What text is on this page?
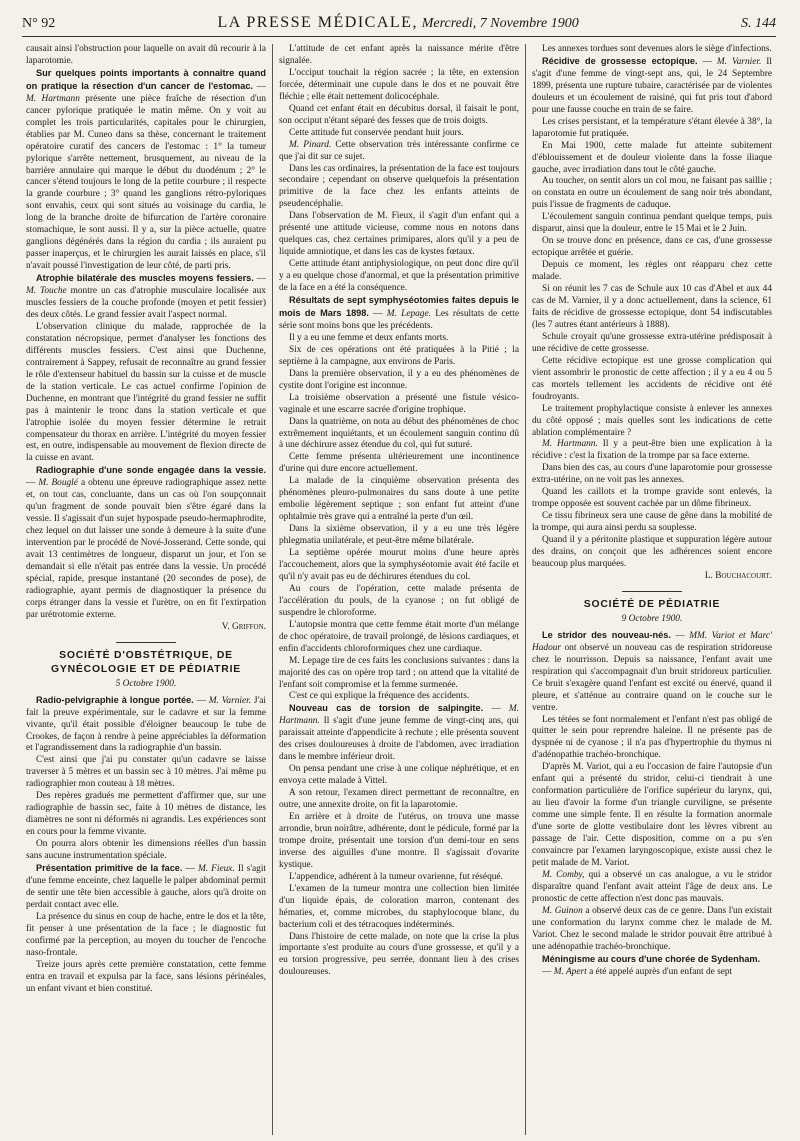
N° 92	LA PRESSE MÉDICALE, Mercredi, 7 Novembre 1900	S. 144

causait ainsi l'obstruction pour laquelle on avait dû recourir à la laparotomie.

Sur quelques points importants à connaître quand on pratique la résection d'un cancer de l'estomac. — M. Hartmann présente une pièce fraîche de résection d'un cancer pylorique pratiquée le matin même. On y voit au complet les trois particularités, capitales pour le chirurgien, établies par M. Cuneo dans sa thèse, concernant le traitement opératoire curatif des cancers de l'estomac : 1° la tumeur pylorique s'arrête nettement, brusquement, au niveau de la barrière annulaire qui marque le début du duodénum ; 2° le cancer s'étend toujours le long de la petite courbure ; il respecte la grande courbure ; 3° quand les ganglions rétro-pyloriques sont envahis, ceux qui sont situés au voisinage du cardia, le long de la branche droite de bifurcation de l'artère coronaire stomachique, le sont aussi. Il y a, sur la pièce actuelle, quatre ganglions dégénérés dans la région du cardia ; ils auraient pu passer inaperçus, et le chirurgien les aurait laissés en place, s'il n'avait poussé l'investigation de leur côté, de parti pris.

Atrophie bilatérale des muscles moyens fessiers. — M. Touche montre un cas d'atrophie musculaire localisée aux muscles fessiers de la couche profonde (moyen et petit fessier) des deux côtés. Le grand fessier avait l'aspect normal.

L'observation clinique du malade, rapprochée de la constatation nécropsique, permet d'analyser les fonctions des différents muscles fessiers. C'est ainsi que Duchenne, contrairement à Sappey, refusait de reconnaître au grand fessier le rôle d'extenseur habituel du bassin sur la cuisse et de muscle de la station verticale. Le cas actuel confirme l'opinion de Duchenne, en montrant que l'intégrité du grand fessier ne suffit pas à maintenir le tronc dans la station verticale et que l'atrophie isolée du moyen fessier détermine le retrait compensateur du thorax en arrière. L'intégrité du moyen fessier est, en outre, indispensable au mouvement de flexion directe de la cuisse en avant.

Radiographie d'une sonde engagée dans la vessie. — M. Bouglé a obtenu une épreuve radiographique assez nette et, on tout cas, concluante, dans un cas où l'on soupçonnait qu'un fragment de sonde pouvait bien s'être égaré dans la vessie. Il s'agissait d'un sujet hypospade pseudo-hermaphrodite, chez lequel on dut laisser une sonde à demeure à la suite d'une intervention par le procédé de Nové-Josserand. Cette sonde, qui avait 13 centimètres de longueur, disparut un jour, et l'on se demandait si elle n'était pas entrée dans la vessie. Un procédé spécial, rapide, presque instantané (20 secondes de pose), de radiographie, ayant permis de diagnostiquer la présence du corps étranger dans la vessie et l'urètre, on en fit l'extirpation par urétrotomie externe.

V. Griffon.

SOCIÉTÉ D'OBSTÉTRIQUE, DE GYNÉCOLOGIE ET DE PÉDIATRIE
5 Octobre 1900.

Radio-pelvigraphie à longue portée. — M. Varnier. J'ai fait la preuve expérimentale, sur le cadavre et sur la femme vivante, qu'il était possible d'éloigner beaucoup le tube de Crookes, de façon à rendre à peine appréciables la déformation et l'agrandissement dans la radiographie d'un bassin.

C'est ainsi que j'ai pu constater qu'un cadavre se laisse traverser à 5 mètres et un bassin sec à 10 mètres. J'ai même pu radiographier mon couteau à 18 mètres.

Des repères gradués me permettent d'affirmer que, sur une radiographie de bassin sec, faite à 10 mètres de distance, les diamètres ne sont ni déformés ni agrandis. Les expériences sont en cours pour la femme vivante.

On pourra alors obtenir les dimensions réelles d'un bassin sans aucune instrumentation spéciale.

Présentation primitive de la face. — M. Fieux. Il s'agit d'une femme enceinte, chez laquelle le palper abdominal permit de sentir une tête bien accessible à gauche, alors qu'à droite on perdait contact avec elle.

La présence du sinus en coup de hache, entre le dos et la tête, fit penser à une présentation de la face ; le diagnostic fut confirmé par la perception, au moyen du toucher de l'encoche naso-frontale.

Treize jours après cette première constatation, cette femme entra en travail et expulsa par la face, sans lésions périnéales, un enfant vivant et bien constitué.

L'attitude de cet enfant après la naissance mérite d'être signalée.

L'occiput touchait la région sacrée ; la tête, en extension forcée, déterminait une cupule dans le dos et ne pouvait être fléchie ; elle était nettement dolicocéphale.

Quand cet enfant était en décubitus dorsal, il faisait le pont, son occiput n'étant séparé des fesses que de trois doigts.

Cette attitude fut conservée pendant huit jours.

M. Pinard. Cette observation très intéressante confirme ce que j'ai dit sur ce sujet.

Dans les cas ordinaires, la présentation de la face est toujours secondaire ; cependant on observe quelquefois la présentation primitive de la face chez les enfants atteints de pseudencéphalie.

Dans l'observation de M. Fieux, il s'agit d'un enfant qui a présenté une attitude vicieuse, comme nous en notons dans quelques cas, chez certaines primipares, alors qu'il y a peu de liquide amniotique, et dans les cas de kystes fœtaux.

Cette attitude étant antiphysiologique, on peut donc dire qu'il y a eu quelque chose d'anormal, et que la présentation primitive de la face en a été la conséquence.

Résultats de sept symphyséotomies faites depuis le mois de Mars 1898. — M. Lepage. Les résultats de cette série sont moins bons que les précédents.

Il y a eu une femme et deux enfants morts.

Six de ces opérations ont été pratiquées à la Pitié ; la septième à la campagne, aux environs de Paris.

Dans la première observation, il y a eu des phénomènes de cystite dont l'origine est inconnue.

La troisième observation a présenté une fistule vésico-vaginale et une escarre sacrée d'origine trophique.

Dans la quatrième, on nota au début des phénomènes de choc extrêmement inquiétants, et un écoulement sanguin continu dû à une déchirure assez étendue du col, qui fut suturé.

Cette femme présenta ultérieurement une incontinence d'urine qui dure encore actuellement.

La malade de la cinquième observation présenta des phénomènes pleuro-pulmonaires du sans doute à une petite embolie légèrement septique ; son enfant fut atteint d'une ophtalmie très grave qui a entraîné la perte d'un œil.

Dans la sixième observation, il y a eu une très légère phlegmatia unilatérale, et peut-être même bilatérale.

La septième opérée mourut moins d'une heure après l'accouchement, alors que la symphyséotomie avait été facile et qu'il n'y avait pas eu de déchirures étendues du col.

Au cours de l'opération, cette malade présenta de l'accélération du pouls, de la cyanose ; on fut obligé de suspendre le chloroforme.

L'autopsie montra que cette femme était morte d'un mélange de choc opératoire, de travail prolongé, de lésions cardiaques, et enfin d'accidents chloroformiques chez une cardiaque.

M. Lepage tire de ces faits les conclusions suivantes : dans la majorité des cas on opère trop tard ; on attend que la vitalité de l'enfant soit compromise et la femme surmenée.

C'est ce qui explique la fréquence des accidents.

Nouveau cas de torsion de salpingite. — M. Hartmann. Il s'agit d'une jeune femme de vingt-cinq ans, qui paraissait atteinte d'appendicite à rechute ; elle présenta souvent des crises douloureuses à droite de l'abdomen, avec irradiation dans le membre inférieur droit.

On pensa pendant une crise à une colique néphrétique, et en envoya cette malade à Vittel.

A son retour, l'examen direct permettant de reconnaître, en outre, une annexite droite, on fit la laparotomie.

En arrière et à droite de l'utérus, on trouva une masse arrondie, brun noirâtre, adhérente, dont le pédicule, formé par la trompe droite, présentait une torsion d'un demi-tour en sens inverse des aiguilles d'une montre. Il s'agissait d'ovarite kystique.

L'appendice, adhérent à la tumeur ovarienne, fut réséqué.

L'examen de la tumeur montra une collection bien limitée d'un liquide épais, de coloration marron, contenant des hématies, et, comme microbes, du staphylocoque blanc, du bacterium coli et des tétracoques indéterminés.

Dans l'histoire de cette malade, on note que la crise la plus importante s'est produite au cours d'une grossesse, et qu'il y a eu torsion progressive, peu serrée, donnant lieu à des crises douloureuses.

Les annexes tordues sont devenues alors le siège d'infections.

Récidive de grossesse ectopique. — M. Varnier. Il s'agit d'une femme de vingt-sept ans, qui, le 24 Septembre 1899, présenta une rupture tubaire, caractérisée par de violentes douleurs et un écoulement de raisiné, qui fut pris tout d'abord pour une fausse couche en train de se faire.

Les crises persistant, et la température s'étant élevée à 38°, la laparotomie fut pratiquée.

En Mai 1900, cette malade fut atteinte subitement d'éblouissement et de douleur violente dans la fosse iliaque gauche, avec irradiation dans tout le côté gauche.

Au toucher, on sentit alors un col mou, ne faisant pas saillie ; on constata en outre un écoulement de sang noir très abondant, puis l'issue de fragments de caduque.

L'écoulement sanguin continua pendant quelque temps, puis disparut, ainsi que la douleur, entre le 15 Mai et le 2 Juin.

On se trouve donc en présence, dans ce cas, d'une grossesse ectopique arrêtée et guérie.

Depuis ce moment, les règles ont réapparu chez cette malade.

Si on réunit les 7 cas de Schule aux 10 cas d'Abel et aux 44 cas de M. Varnier, il y a donc actuellement, dans la science, 61 faits de récidive de grossesse ectopique, dont 54 indiscutables (les 7 autres étant antérieurs à 1888).

Schule croyait qu'une grossesse extra-utérine prédisposait à une récidive de cette grossesse.

Cette récidive ectopique est une grosse complication qui vient assombrir le pronostic de cette affection ; il y a eu 4 ou 5 cas mortels tellement les accidents de récidive ont été foudroyants.

Le traitement prophylactique consiste à enlever les annexes du côté opposé ; mais quelles sont les indications de cette ablation complémentaire ?

M. Hartmann. Il y a peut-être bien une explication à la récidive : c'est la fixation de la trompe par sa face externe.

Dans bien des cas, au cours d'une laparotomie pour grossesse extra-utérine, on ne voit pas les annexes.

Quand les caillots et la trompe gravide sont enlevés, la trompe opposée est souvent cachée par un dôme fibrineux.

Ce tissu fibrineux sera une cause de gêne dans la mobilité de la trompe, qui aura ainsi perdu sa souplesse.

Quand il y a péritonite plastique et suppuration légère autour des drains, on conçoit que les adhérences soient encore beaucoup plus marquées.

L. Bouchacourt.

SOCIÉTÉ DE PÉDIATRIE
9 Octobre 1900.

Le stridor des nouveau-nés. — MM. Variot et Marc' Hadour ont observé un nouveau cas de respiration stridoreuse chez le nourrisson. Depuis sa naissance, l'enfant avait une respiration qui s'accompagnait d'un bruit stridoreux particulier. Ce bruit s'exagère quand l'enfant est excité ou énervé, quand il pleure, et s'atténue au contraire quand on le couche sur le ventre.

Les tétées se font normalement et l'enfant n'est pas obligé de quitter le sein pour reprendre haleine. Il ne présente pas de dyspnée ni de cyanose ; il n'a pas d'hypertrophie du thymus ni d'adénopathie trachéo-bronchique.

D'après M. Variot, qui a eu l'occasion de faire l'autopsie d'un enfant qui a présenté du stridor, celui-ci tiendrait à une conformation particulière de l'orifice supérieur du larynx, qui, au lieu d'avoir la forme d'un triangle curviligne, se présente comme une simple fente. Il en résulte la formation anormale d'une sorte de glotte vestibulaire dont les lèvres vibrent au passage de l'air. Cette disposition, comme on a pu s'en convaincre par l'examen laryngoscopique, existe aussi chez le petit malade de M. Variot.

M. Comby, qui a observé un cas analogue, a vu le stridor disparaître quand l'enfant avait atteint l'âge de deux ans. Le pronostic de cette affection n'est donc pas mauvais.

M. Guinon a observé deux cas de ce genre. Dans l'un existait une conformation du larynx comme chez le malade de M. Variot. Chez le second malade le stridor pouvait être attribué à une adénopathie trachéo-bronchique.

Méningisme au cours d'une chorée de Sydenham.

— M. Apert a été appelé auprès d'un enfant de sept
